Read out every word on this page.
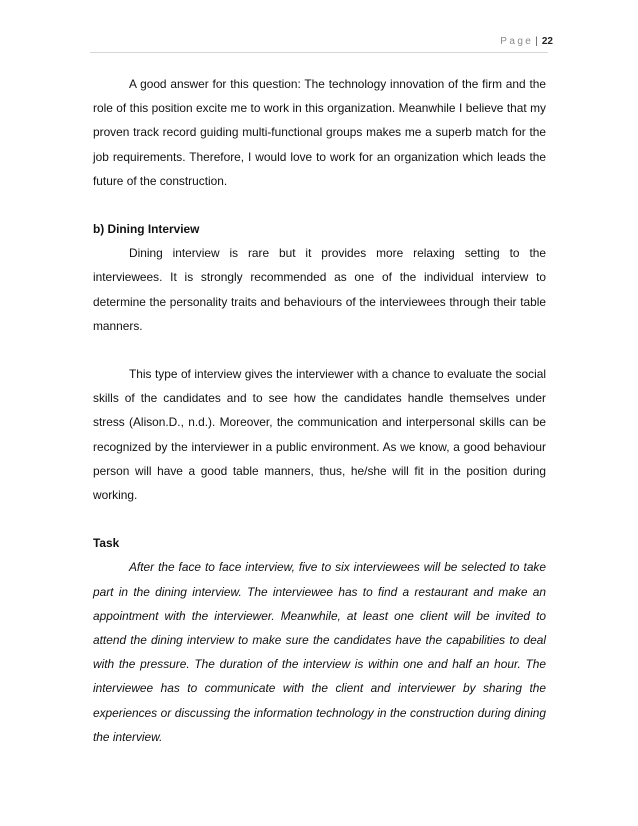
Page | 22

A good answer for this question: The technology innovation of the firm and the role of this position excite me to work in this organization. Meanwhile I believe that my proven track record guiding multi-functional groups makes me a superb match for the job requirements. Therefore, I would love to work for an organization which leads the future of the construction.

b) Dining Interview

Dining interview is rare but it provides more relaxing setting to the interviewees. It is strongly recommended as one of the individual interview to determine the personality traits and behaviours of the interviewees through their table manners.

This type of interview gives the interviewer with a chance to evaluate the social skills of the candidates and to see how the candidates handle themselves under stress (Alison.D., n.d.). Moreover, the communication and interpersonal skills can be recognized by the interviewer in a public environment. As we know, a good behaviour person will have a good table manners, thus, he/she will fit in the position during working.

Task

After the face to face interview, five to six interviewees will be selected to take part in the dining interview. The interviewee has to find a restaurant and make an appointment with the interviewer. Meanwhile, at least one client will be invited to attend the dining interview to make sure the candidates have the capabilities to deal with the pressure. The duration of the interview is within one and half an hour. The interviewee has to communicate with the client and interviewer by sharing the experiences or discussing the information technology in the construction during dining the interview.
